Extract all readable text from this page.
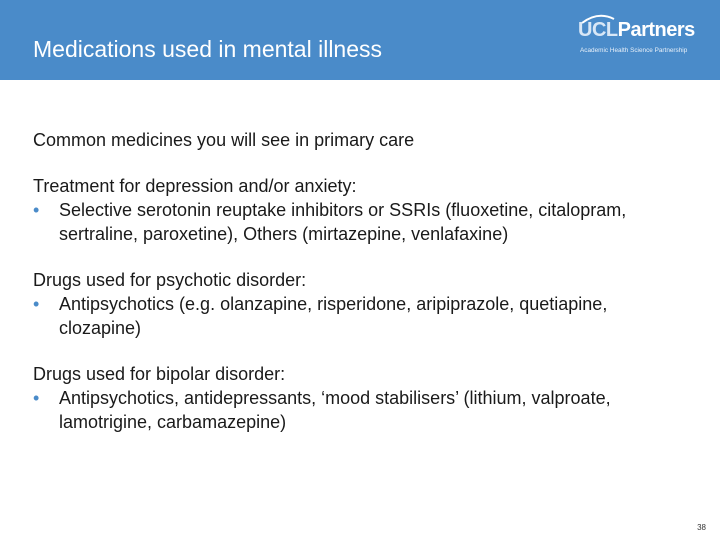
Medications used in mental illness
UCLPartners
Academic Health Science Partnership

Common medicines you will see in primary care

Treatment for depression and/or anxiety:

•	Selective serotonin reuptake inhibitors or SSRIs (fluoxetine, citalopram, sertraline, paroxetine), Others (mirtazepine, venlafaxine)

Drugs used for psychotic disorder:

•	Antipsychotics (e.g. olanzapine, risperidone, aripiprazole, quetiapine, clozapine)

Drugs used for bipolar disorder:

•	Antipsychotics, antidepressants, ‘mood stabilisers’ (lithium, valproate, lamotrigine, carbamazepine)
38
